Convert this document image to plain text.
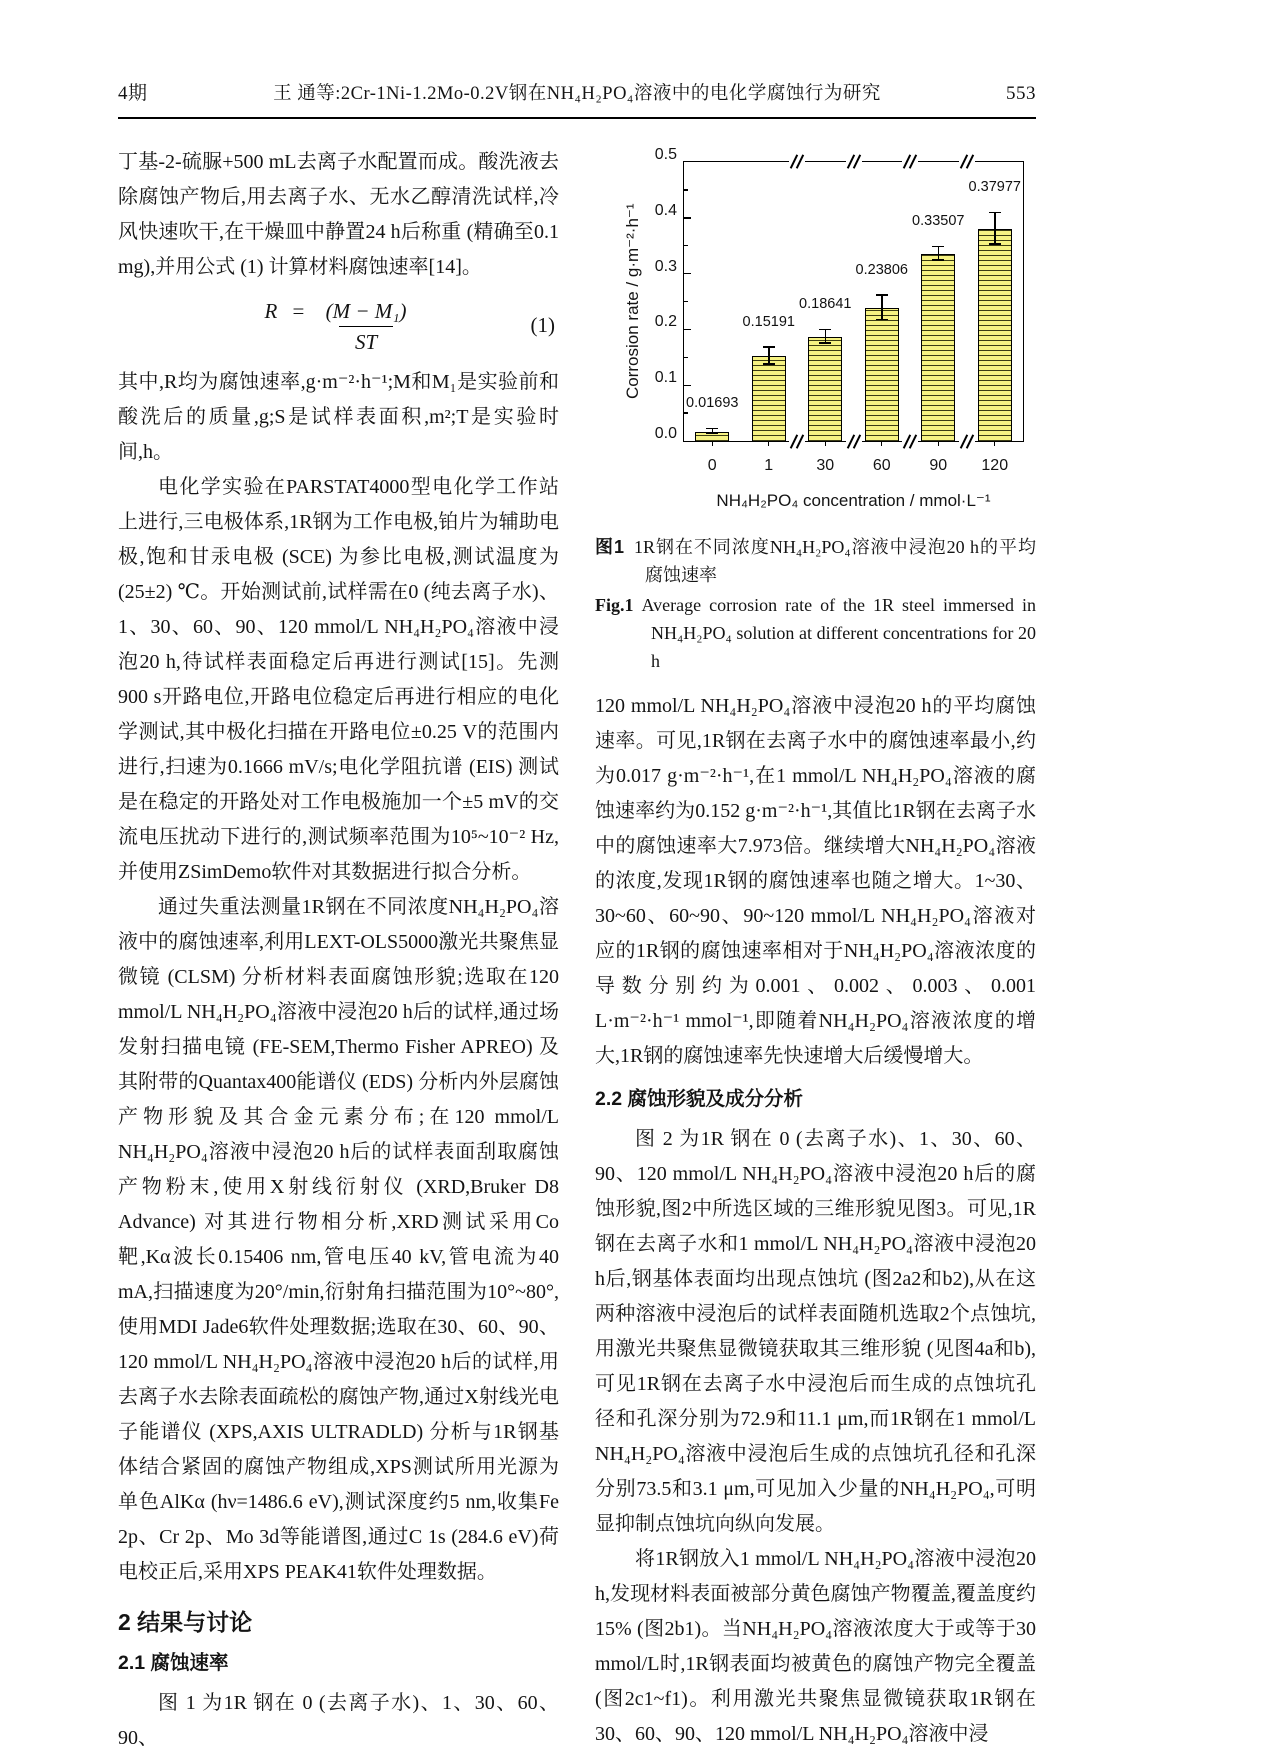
4期	王 通等:2Cr-1Ni-1.2Mo-0.2V钢在NH₄H₂PO₄溶液中的电化学腐蚀行为研究	553

丁基-2-硫脲+500 mL去离子水配置而成。酸洗液去除腐蚀产物后,用去离子水、无水乙醇清洗试样,冷风快速吹干,在干燥皿中静置24 h后称重 (精确至0.1 mg),并用公式 (1) 计算材料腐蚀速率[14]。

$R = \frac{\text{(M − M₁)}}{ST}$	(1)

其中,R均为腐蚀速率,g·m⁻²·h⁻¹;M和M₁是实验前和酸洗后的质量,g;S是试样表面积,m²;T是实验时间,h。

电化学实验在PARSTAT4000型电化学工作站上进行,三电极体系,1R钢为工作电极,铂片为辅助电极,饱和甘汞电极 (SCE) 为参比电极,测试温度为(25±2) ℃。开始测试前,试样需在0 (纯去离子水)、1、30、60、90、120 mmol/L NH₄H₂PO₄溶液中浸泡20 h,待试样表面稳定后再进行测试[15]。先测900 s开路电位,开路电位稳定后再进行相应的电化学测试,其中极化扫描在开路电位±0.25 V的范围内进行,扫速为0.1666 mV/s;电化学阻抗谱 (EIS) 测试是在稳定的开路处对工作电极施加一个±5 mV的交流电压扰动下进行的,测试频率范围为10⁵~10⁻² Hz,并使用ZSimDemo软件对其数据进行拟合分析。

通过失重法测量1R钢在不同浓度NH₄H₂PO₄溶液中的腐蚀速率,利用LEXT-OLS5000激光共聚焦显微镜 (CLSM) 分析材料表面腐蚀形貌;选取在120 mmol/L NH₄H₂PO₄溶液中浸泡20 h后的试样,通过场发射扫描电镜 (FE-SEM,Thermo Fisher APREO) 及其附带的Quantax400能谱仪 (EDS) 分析内外层腐蚀产物形貌及其合金元素分布;在120 mmol/L NH₄H₂PO₄溶液中浸泡20 h后的试样表面刮取腐蚀产物粉末,使用X射线衍射仪 (XRD,Bruker D8 Advance) 对其进行物相分析,XRD测试采用Co靶,Kα波长0.15406 nm,管电压40 kV,管电流为40 mA,扫描速度为20°/min,衍射角扫描范围为10°~80°,使用MDI Jade6软件处理数据;选取在30、60、90、120 mmol/L NH₄H₂PO₄溶液中浸泡20 h后的试样,用去离子水去除表面疏松的腐蚀产物,通过X射线光电子能谱仪 (XPS,AXIS ULTRADLD) 分析与1R钢基体结合紧固的腐蚀产物组成,XPS测试所用光源为单色AlKα (hν=1486.6 eV),测试深度约5 nm,收集Fe 2p、Cr 2p、Mo 3d等能谱图,通过C 1s (284.6 eV)荷电校正后,采用XPS PEAK41软件处理数据。

2 结果与讨论
2.1 腐蚀速率

图 1 为1R 钢在 0 (去离子水)、1、30、60、90、

Corrosion rate / g·m⁻²·h⁻¹
0.0
0.1
0.2
0.3
0.4
0.5
0.01693
0
0.15191
1
0.18641
30
0.23806
60
0.33507
90
0.37977
120
NH₄H₂PO₄ concentration / mmol·L⁻¹
图1 1R钢在不同浓度NH₄H₂PO₄溶液中浸泡20 h的平均腐蚀速率
Fig.1 Average corrosion rate of the 1R steel immersed in NH₄H₂PO₄ solution at different concentrations for 20 h

120 mmol/L NH₄H₂PO₄溶液中浸泡20 h的平均腐蚀速率。可见,1R钢在去离子水中的腐蚀速率最小,约为0.017 g·m⁻²·h⁻¹,在1 mmol/L NH₄H₂PO₄溶液的腐蚀速率约为0.152 g·m⁻²·h⁻¹,其值比1R钢在去离子水中的腐蚀速率大7.973倍。继续增大NH₄H₂PO₄溶液的浓度,发现1R钢的腐蚀速率也随之增大。1~30、30~60、60~90、90~120 mmol/L NH₄H₂PO₄溶液对应的1R钢的腐蚀速率相对于NH₄H₂PO₄溶液浓度的导数分别约为0.001、0.002、0.003、0.001 L·m⁻²·h⁻¹ mmol⁻¹,即随着NH₄H₂PO₄溶液浓度的增大,1R钢的腐蚀速率先快速增大后缓慢增大。

2.2 腐蚀形貌及成分分析

图 2 为1R 钢在 0 (去离子水)、1、30、60、90、120 mmol/L NH₄H₂PO₄溶液中浸泡20 h后的腐蚀形貌,图2中所选区域的三维形貌见图3。可见,1R钢在去离子水和1 mmol/L NH₄H₂PO₄溶液中浸泡20 h后,钢基体表面均出现点蚀坑 (图2a2和b2),从在这两种溶液中浸泡后的试样表面随机选取2个点蚀坑,用激光共聚焦显微镜获取其三维形貌 (见图4a和b),可见1R钢在去离子水中浸泡后而生成的点蚀坑孔径和孔深分别为72.9和11.1 μm,而1R钢在1 mmol/L NH₄H₂PO₄溶液中浸泡后生成的点蚀坑孔径和孔深分别73.5和3.1 μm,可见加入少量的NH₄H₂PO₄,可明显抑制点蚀坑向纵向发展。

将1R钢放入1 mmol/L NH₄H₂PO₄溶液中浸泡20 h,发现材料表面被部分黄色腐蚀产物覆盖,覆盖度约15% (图2b1)。当NH₄H₂PO₄溶液浓度大于或等于30 mmol/L时,1R钢表面均被黄色的腐蚀产物完全覆盖 (图2c1~f1)。利用激光共聚焦显微镜获取1R钢在30、60、90、120 mmol/L NH₄H₂PO₄溶液中浸
